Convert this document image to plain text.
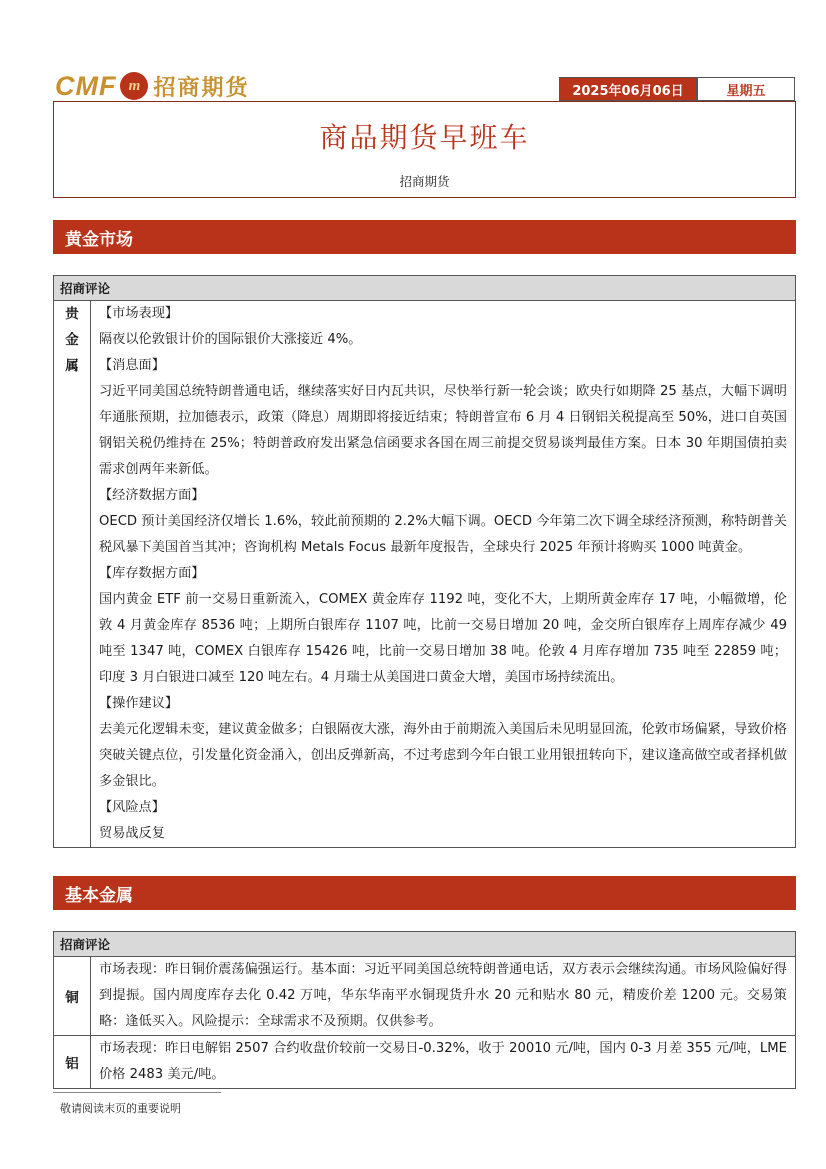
CMF m 招商期货	2025年06月06日	星期五
商品期货早班车
招商期货
黄金市场
招商评论
贵
金
属

【市场表现】

隔夜以伦敦银计价的国际银价大涨接近 4%。

【消息面】

习近平同美国总统特朗普通电话，继续落实好日内瓦共识，尽快举行新一轮会谈；欧央行如期降 25 基点，大幅下调明年通胀预期，拉加德表示，政策（降息）周期即将接近结束；特朗普宣布 6 月 4 日钢铝关税提高至 50%，进口自英国钢铝关税仍维持在 25%；特朗普政府发出紧急信函要求各国在周三前提交贸易谈判最佳方案。日本 30 年期国债拍卖需求创两年来新低。

【经济数据方面】

OECD 预计美国经济仅增长 1.6%，较此前预期的 2.2%大幅下调。OECD 今年第二次下调全球经济预测，称特朗普关税风暴下美国首当其冲；咨询机构 Metals Focus 最新年度报告，全球央行 2025 年预计将购买 1000 吨黄金。

【库存数据方面】

国内黄金 ETF 前一交易日重新流入，COMEX 黄金库存 1192 吨，变化不大，上期所黄金库存 17 吨，小幅微增，伦敦 4 月黄金库存 8536 吨；上期所白银库存 1107 吨，比前一交易日增加 20 吨，金交所白银库存上周库存减少 49 吨至 1347 吨，COMEX 白银库存 15426 吨，比前一交易日增加 38 吨。伦敦 4 月库存增加 735 吨至 22859 吨；印度 3 月白银进口减至 120 吨左右。4 月瑞士从美国进口黄金大增，美国市场持续流出。

【操作建议】

去美元化逻辑未变，建议黄金做多；白银隔夜大涨，海外由于前期流入美国后未见明显回流，伦敦市场偏紧，导致价格突破关键点位，引发量化资金涌入，创出反弹新高，不过考虑到今年白银工业用银扭转向下，建议逢高做空或者择机做多金银比。

【风险点】

贸易战反复

基本金属
招商评论
铜

市场表现：昨日铜价震荡偏强运行。基本面：习近平同美国总统特朗普通电话，双方表示会继续沟通。市场风险偏好得到提振。国内周度库存去化 0.42 万吨，华东华南平水铜现货升水 20 元和贴水 80 元，精废价差 1200 元。交易策略：逢低买入。风险提示：全球需求不及预期。仅供参考。

铝

市场表现：昨日电解铝 2507 合约收盘价较前一交易日-0.32%，收于 20010 元/吨，国内 0-3 月差 355 元/吨，LME 价格 2483 美元/吨。

敬请阅读末页的重要说明
